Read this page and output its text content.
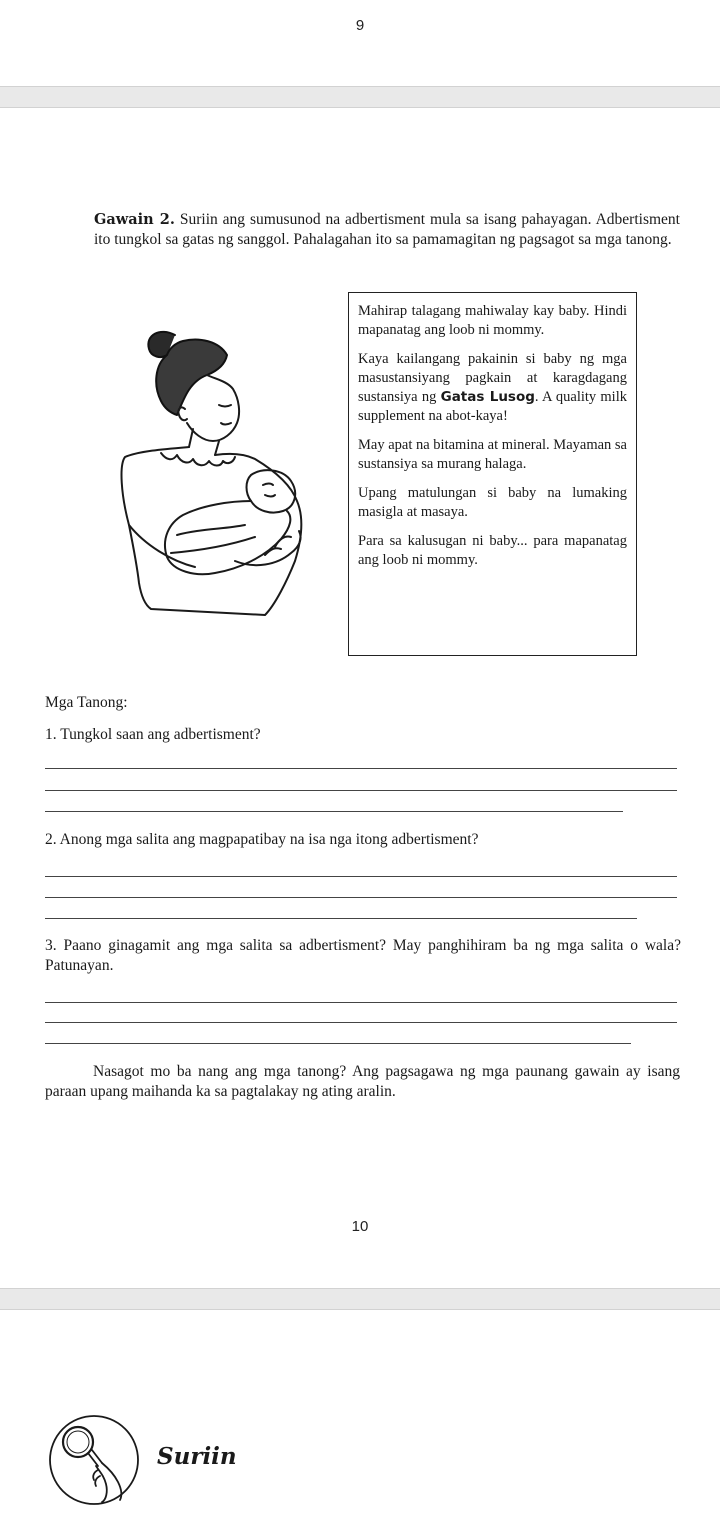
9
Gawain 2. Suriin ang sumusunod na adbertisment mula sa isang pahayagan. Adbertisment ito tungkol sa gatas ng sanggol. Pahalagahan ito sa pamamagitan ng pagsagot sa mga tanong.

Mahirap talagang mahiwalay kay baby. Hindi mapanatag ang loob ni mommy.

Kaya kailangang pakainin si baby ng mga masustansiyang pagkain at karagdagang sustansiya ng Gatas Lusog. A quality milk supplement na abot-kaya!

May apat na bitamina at mineral. Mayaman sa sustansiya sa murang halaga.

Upang matulungan si baby na lumaking masigla at masaya.

Para sa kalusugan ni baby... para mapanatag ang loob ni mommy.

Mga Tanong:
1. Tungkol saan ang adbertisment?
2. Anong mga salita ang magpapatibay na isa nga itong adbertisment?
3. Paano ginagamit ang mga salita sa adbertisment? May panghihiram ba ng mga salita o wala? Patunayan.
Nasagot mo ba nang ang mga tanong? Ang pagsagawa ng mga paunang gawain ay isang paraan upang maihanda ka sa pagtalakay ng ating aralin.
10
Suriin
